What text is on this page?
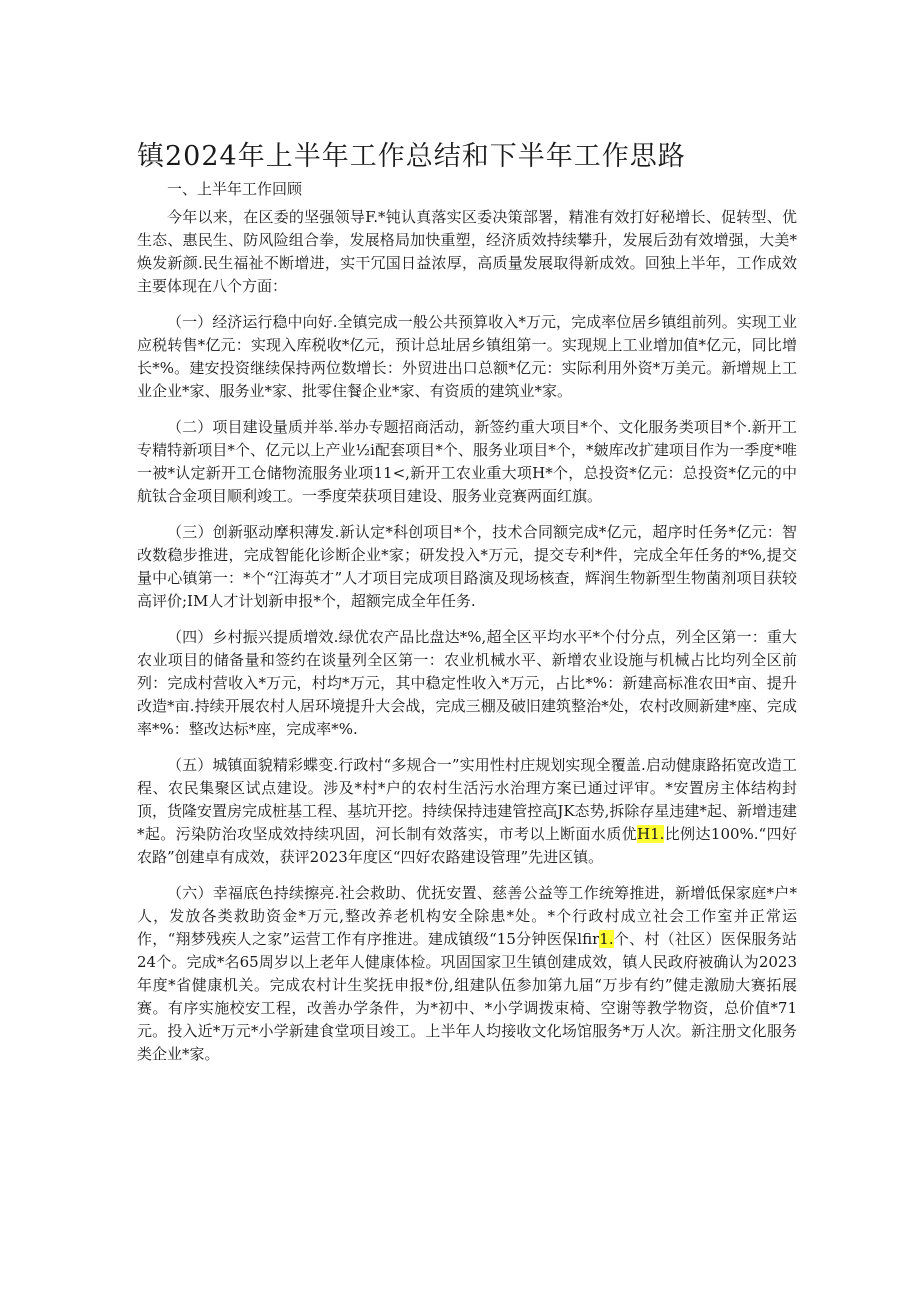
镇2024年上半年工作总结和下半年工作思路

一、上半年工作回顾

今年以来，在区委的坚强领导F.*钝认真落实区委决策部署，精准有效打好秘增长、促转型、优生态、惠民生、防风险组合拳，发展格局加快重塑，经济质效持续攀升，发展后劲有效增强，大美*焕发新颜.民生福祉不断增进，实干冗国日益浓厚，高质量发展取得新成效。回独上半年，工作成效主要体现在八个方面：

（一）经济运行稳中向好.全镇完成一般公共预算收入*万元，完成率位居乡镇组前列。实现工业应税转售*亿元：实现入库税收*亿元，预计总址居乡镇组第一。实现规上工业增加值*亿元，同比增长*%。建安投资继续保持两位数增长：外贸进出口总额*亿元：实际利用外资*万美元。新增规上工业企业*家、服务业*家、批零住餐企业*家、有资质的建筑业*家。

（二）项目建设量质并举.举办专题招商活动，新签约重大项目*个、文化服务类项目*个.新开工专精特新项目*个、亿元以上产业½i配套项目*个、服务业项目*个，*皴库改扩建项目作为一季度*唯一被*认定新开工仓储物流服务业项11<,新开工农业重大项H*个，总投资*亿元：总投资*亿元的中航钛合金项目顺利竣工。一季度荣获项目建设、服务业竞赛两面红旗。

（三）创新驱动摩积薄发.新认定*科创项目*个，技术合同额完成*亿元，超序时任务*亿元：智改数稳步推进，完成智能化诊断企业*家；研发投入*万元，提交专利*件，完成全年任务的*%,提交量中心镇第一：*个“江海英才”人才项目完成项目路演及现场核查，辉润生物新型生物菌剂项目获较高评价;IM人才计划新申报*个，超额完成全年任务.

（四）乡村振兴提质增效.绿优农产品比盘达*%,超全区平均水平*个付分点，列全区第一：重大农业项目的储备量和签约在谈量列全区第一：农业机械水平、新增农业设施与机械占比均列全区前列：完成村营收入*万元，村均*万元，其中稳定性收入*万元，占比*%：新建高标准农田*亩、提升改造*亩.持续开展农村人居环境提升大会战，完成三棚及破旧建筑整治*处，农村改厕新建*座、完成率*%：整改达标*座，完成率*%.

（五）城镇面貌精彩蝶变.行政村“多规合一”实用性村庄规划实现全覆盖.启动健康路拓宽改造工程、农民集聚区试点建设。涉及*村*户的农村生活污水治理方案已通过评审。*安置房主体结构封顶，货隆安置房完成桩基工程、基坑开挖。持续保持违建管控高JK态势,拆除存星违建*起、新增违建*起。污染防治攻坚成效持续巩固，河长制有效落实，市考以上断面水质优H1.比例达100%.“四好农路”创建卓有成效，获评2023年度区“四好农路建设管理”先进区镇。

（六）幸福底色持续擦亮.社会救助、优抚安置、慈善公益等工作统筹推进，新增低保家庭*户*人，发放各类救助资金*万元,整改养老机构安全除患*处。*个行政村成立社会工作室并正常运作，“翔梦残疾人之家”运营工作有序推进。建成镇级“15分钟医保lfir1.个、村（社区）医保服务站24个。完成*名65周岁以上老年人健康体检。巩固国家卫生镇创建成效，镇人民政府被确认为2023年度*省健康机关。完成农村计生奖抚申报*份,组建队伍参加第九届“万步有约”健走激励大赛拓展赛。有序实施校安工程，改善办学条件，为*初中、*小学调拨束椅、空谢等教学物资，总价值*71元。投入近*万元*小学新建食堂项目竣工。上半年人均接收文化场馆服务*万人次。新注册文化服务类企业*家。
